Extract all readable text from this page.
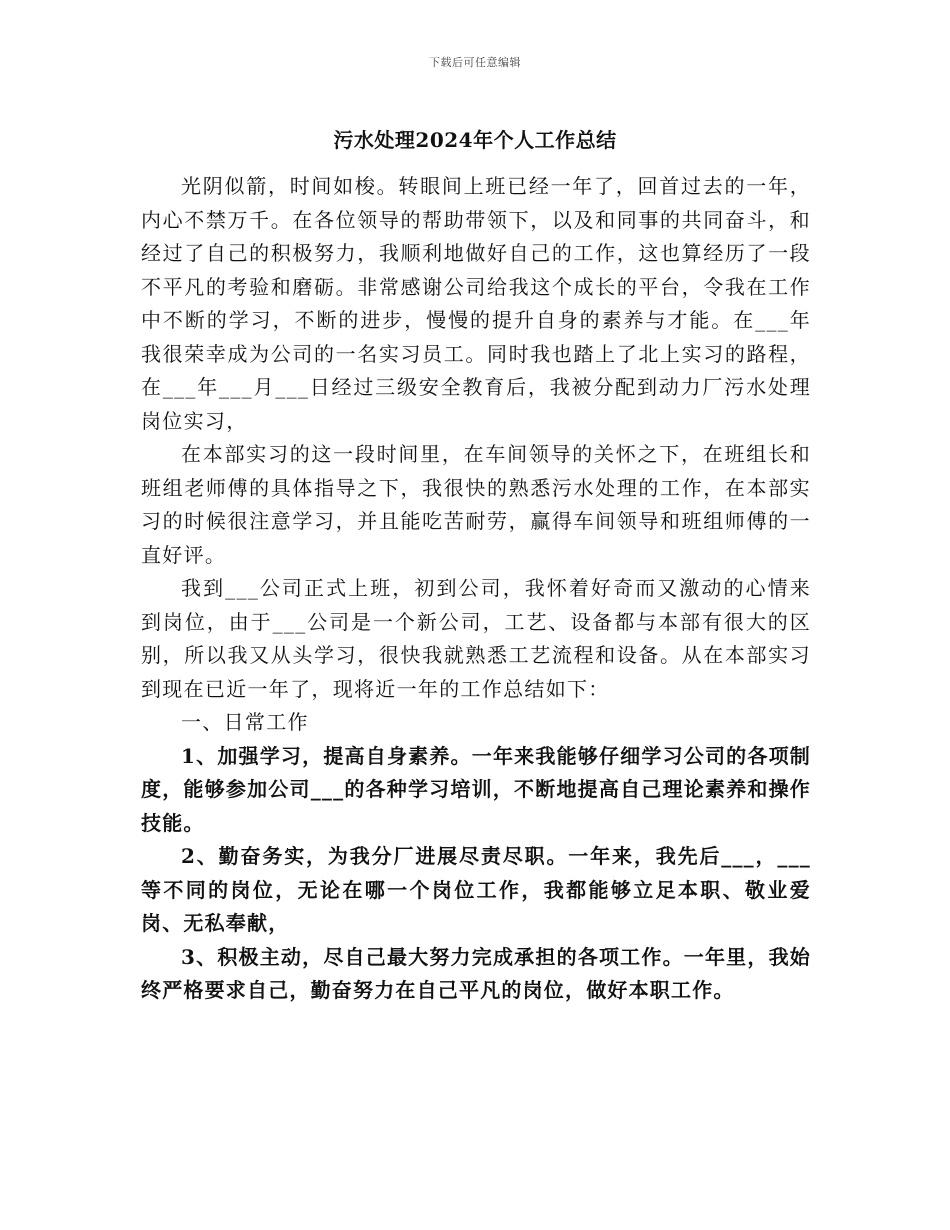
下载后可任意编辑
污水处理2024年个人工作总结

光阴似箭，时间如梭。转眼间上班已经一年了，回首过去的一年，内心不禁万千。在各位领导的帮助带领下，以及和同事的共同奋斗，和经过了自己的积极努力，我顺利地做好自己的工作，这也算经历了一段不平凡的考验和磨砺。非常感谢公司给我这个成长的平台，令我在工作中不断的学习，不断的进步，慢慢的提升自身的素养与才能。在___年我很荣幸成为公司的一名实习员工。同时我也踏上了北上实习的路程，在___年___月___日经过三级安全教育后，我被分配到动力厂污水处理岗位实习，

在本部实习的这一段时间里，在车间领导的关怀之下，在班组长和班组老师傅的具体指导之下，我很快的熟悉污水处理的工作，在本部实习的时候很注意学习，并且能吃苦耐劳，赢得车间领导和班组师傅的一直好评。

我到___公司正式上班，初到公司，我怀着好奇而又激动的心情来到岗位，由于___公司是一个新公司，工艺、设备都与本部有很大的区别，所以我又从头学习，很快我就熟悉工艺流程和设备。从在本部实习到现在已近一年了，现将近一年的工作总结如下：

一、日常工作

1、加强学习，提高自身素养。一年来我能够仔细学习公司的各项制度，能够参加公司___的各种学习培训，不断地提高自己理论素养和操作技能。

2、勤奋务实，为我分厂进展尽责尽职。一年来，我先后___，___等不同的岗位，无论在哪一个岗位工作，我都能够立足本职、敬业爱岗、无私奉献，

3、积极主动，尽自己最大努力完成承担的各项工作。一年里，我始终严格要求自己，勤奋努力在自己平凡的岗位，做好本职工作。
